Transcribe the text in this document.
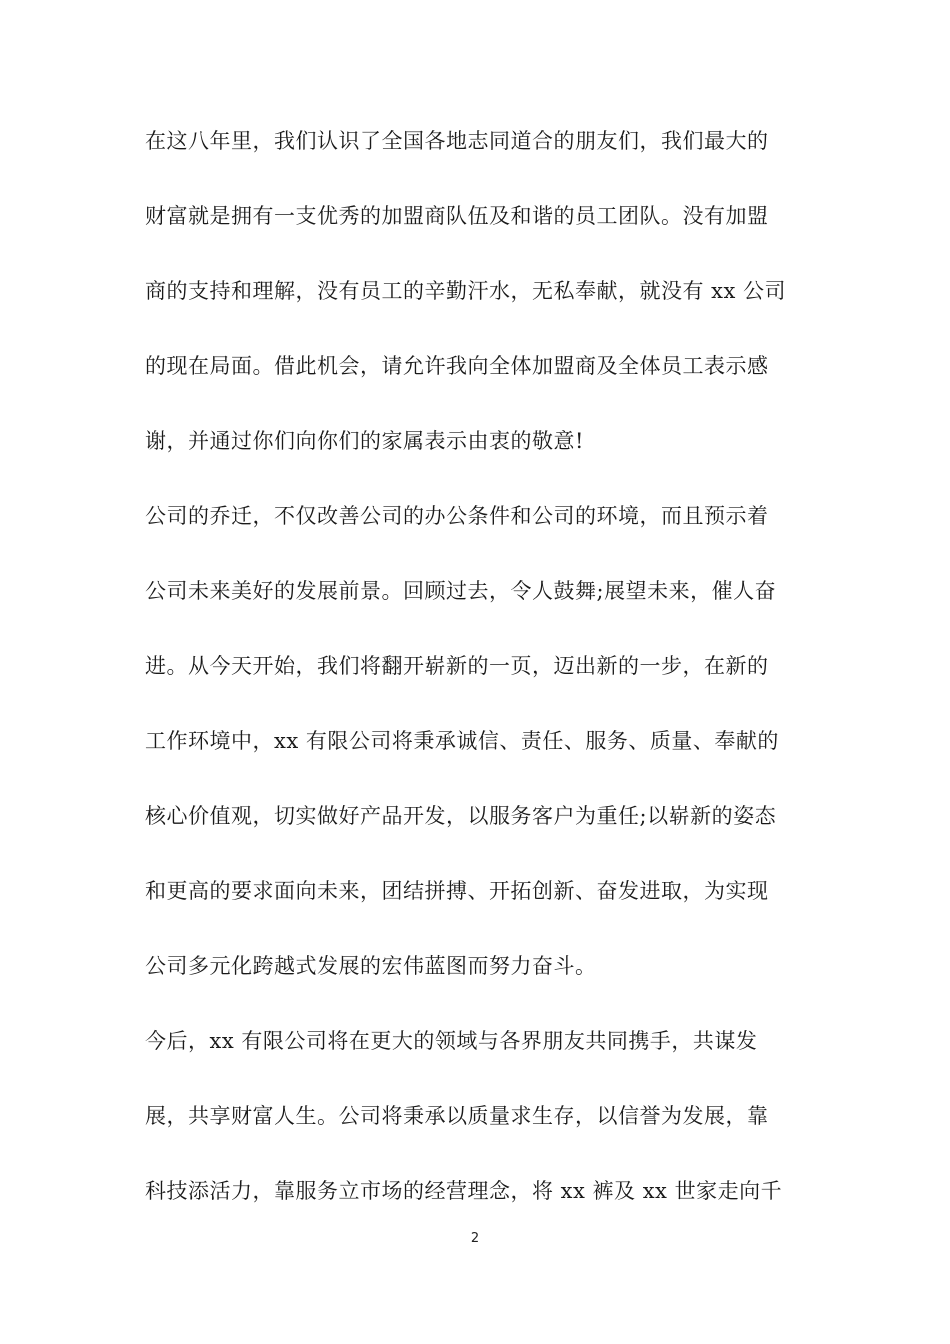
在这八年里，我们认识了全国各地志同道合的朋友们，我们最大的
财富就是拥有一支优秀的加盟商队伍及和谐的员工团队。没有加盟
商的支持和理解，没有员工的辛勤汗水，无私奉献，就没有 xx 公司
的现在局面。借此机会，请允许我向全体加盟商及全体员工表示感
谢，并通过你们向你们的家属表示由衷的敬意!
公司的乔迁，不仅改善公司的办公条件和公司的环境，而且预示着
公司未来美好的发展前景。回顾过去，令人鼓舞;展望未来，催人奋
进。从今天开始，我们将翻开崭新的一页，迈出新的一步，在新的
工作环境中，xx 有限公司将秉承诚信、责任、服务、质量、奉献的
核心价值观，切实做好产品开发，以服务客户为重任;以崭新的姿态
和更高的要求面向未来，团结拼搏、开拓创新、奋发进取，为实现
公司多元化跨越式发展的宏伟蓝图而努力奋斗。
今后，xx 有限公司将在更大的领域与各界朋友共同携手，共谋发
展，共享财富人生。公司将秉承以质量求生存，以信誉为发展，靠
科技添活力，靠服务立市场的经营理念，将 xx 裤及 xx 世家走向千
2
